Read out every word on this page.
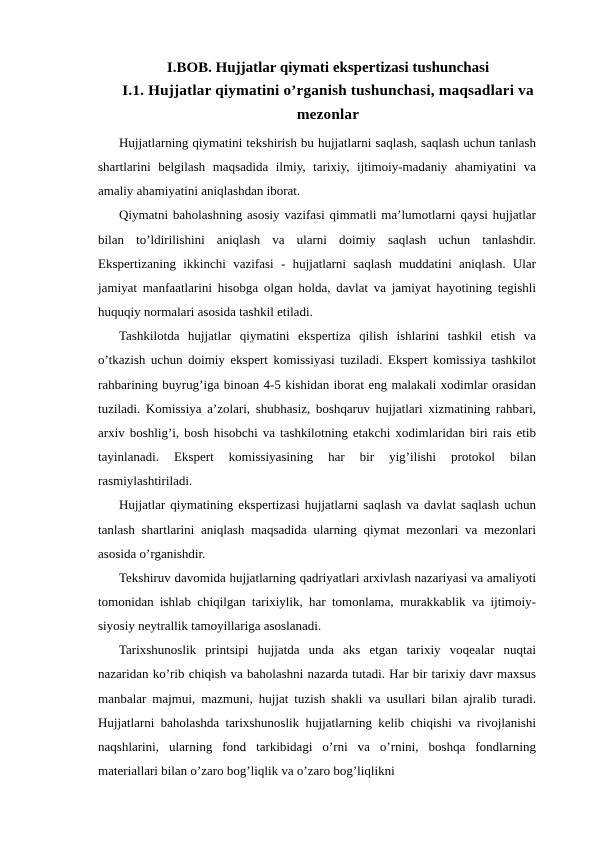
I.BOB. Hujjatlar qiymati ekspertizasi tushunchasi
I.1. Hujjatlar qiymatini o’rganish tushunchasi, maqsadlari va mezonlar

Hujjatlarning qiymatini tekshirish bu hujjatlarni saqlash, saqlash uchun tanlash shartlarini belgilash maqsadida ilmiy, tarixiy, ijtimoiy-madaniy ahamiyatini va amaliy ahamiyatini aniqlashdan iborat.

Qiymatni baholashning asosiy vazifasi qimmatli ma’lumotlarni qaysi hujjatlar bilan to’ldirilishini aniqlash va ularni doimiy saqlash uchun tanlashdir. Ekspertizaning ikkinchi vazifasi - hujjatlarni saqlash muddatini aniqlash. Ular jamiyat manfaatlarini hisobga olgan holda, davlat va jamiyat hayotining tegishli huquqiy normalari asosida tashkil etiladi.

Tashkilotda hujjatlar qiymatini ekspertiza qilish ishlarini tashkil etish va o’tkazish uchun doimiy ekspert komissiyasi tuziladi. Ekspert komissiya tashkilot rahbarining buyrug’iga binoan 4-5 kishidan iborat eng malakali xodimlar orasidan tuziladi. Komissiya a’zolari, shubhasiz, boshqaruv hujjatlari xizmatining rahbari, arxiv boshlig’i, bosh hisobchi va tashkilotning etakchi xodimlaridan biri rais etib tayinlanadi. Ekspert komissiyasining har bir yig’ilishi protokol bilan rasmiylashtiriladi.

Hujjatlar qiymatining ekspertizasi hujjatlarni saqlash va davlat saqlash uchun tanlash shartlarini aniqlash maqsadida ularning qiymat mezonlari va mezonlari asosida o’rganishdir.

Tekshiruv davomida hujjatlarning qadriyatlari arxivlash nazariyasi va amaliyoti tomonidan ishlab chiqilgan tarixiylik, har tomonlama, murakkablik va ijtimoiy-siyosiy neytrallik tamoyillariga asoslanadi.

Tarixshunoslik printsipi hujjatda unda aks etgan tarixiy voqealar nuqtai nazaridan ko’rib chiqish va baholashni nazarda tutadi. Har bir tarixiy davr maxsus manbalar majmui, mazmuni, hujjat tuzish shakli va usullari bilan ajralib turadi. Hujjatlarni baholashda tarixshunoslik hujjatlarning kelib chiqishi va rivojlanishi naqshlarini, ularning fond tarkibidagi o’rni va o’rnini, boshqa fondlarning materiallari bilan o’zaro bog’liqlik va o’zaro bog’liqlikni
